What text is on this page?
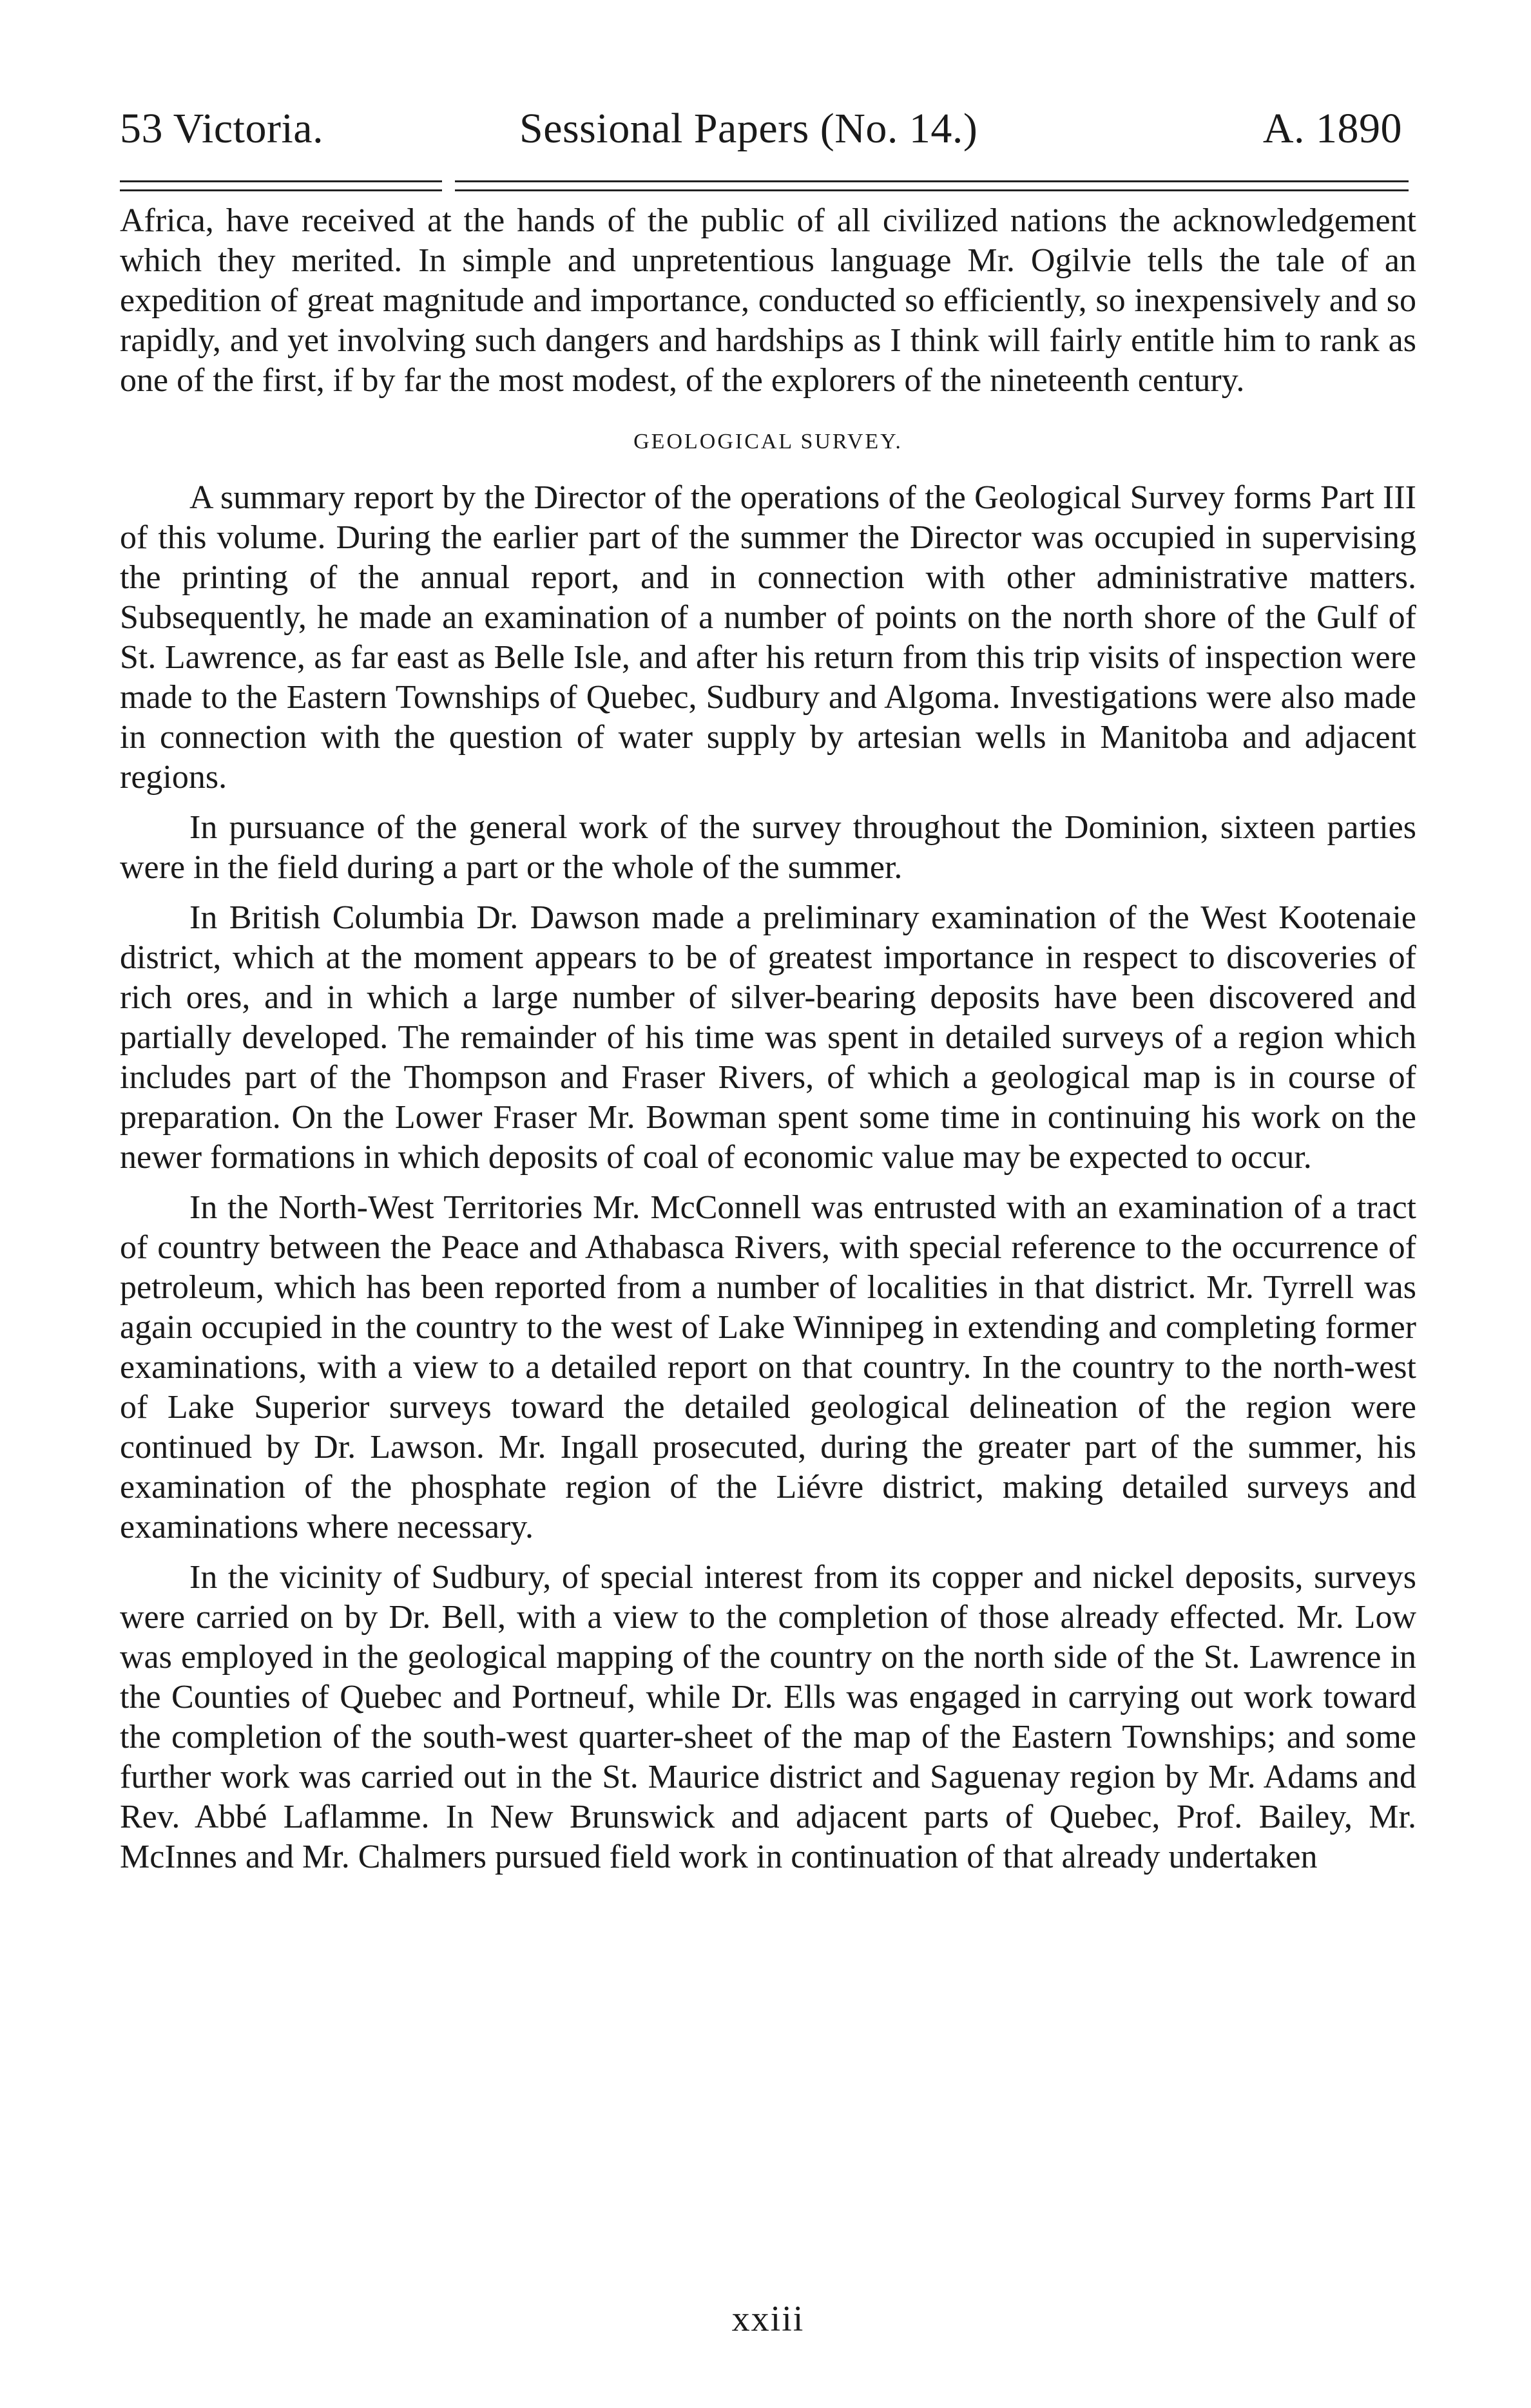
53 Victoria.	Sessional Papers (No. 14.)	A. 1890

Africa, have received at the hands of the public of all civilized nations the acknowledgement which they merited. In simple and unpretentious language Mr. Ogilvie tells the tale of an expedition of great magnitude and importance, conducted so efficiently, so inexpensively and so rapidly, and yet involving such dangers and hardships as I think will fairly entitle him to rank as one of the first, if by far the most modest, of the explorers of the nineteenth century.

GEOLOGICAL SURVEY.

A summary report by the Director of the operations of the Geological Survey forms Part III of this volume. During the earlier part of the summer the Director was occupied in supervising the printing of the annual report, and in connection with other administrative matters. Subsequently, he made an examination of a number of points on the north shore of the Gulf of St. Lawrence, as far east as Belle Isle, and after his return from this trip visits of inspection were made to the Eastern Townships of Quebec, Sudbury and Algoma. Investigations were also made in connection with the question of water supply by artesian wells in Manitoba and adjacent regions.

In pursuance of the general work of the survey throughout the Dominion, sixteen parties were in the field during a part or the whole of the summer.

In British Columbia Dr. Dawson made a preliminary examination of the West Kootenaie district, which at the moment appears to be of greatest importance in respect to discoveries of rich ores, and in which a large number of silver-bearing deposits have been discovered and partially developed. The remainder of his time was spent in detailed surveys of a region which includes part of the Thompson and Fraser Rivers, of which a geological map is in course of preparation. On the Lower Fraser Mr. Bowman spent some time in continuing his work on the newer formations in which deposits of coal of economic value may be expected to occur.

In the North-West Territories Mr. McConnell was entrusted with an examination of a tract of country between the Peace and Athabasca Rivers, with special reference to the occurrence of petroleum, which has been reported from a number of localities in that district. Mr. Tyrrell was again occupied in the country to the west of Lake Winnipeg in extending and completing former examinations, with a view to a detailed report on that country. In the country to the north-west of Lake Superior surveys toward the detailed geological delineation of the region were continued by Dr. Lawson. Mr. Ingall prosecuted, during the greater part of the summer, his examination of the phosphate region of the Liévre district, making detailed surveys and examinations where necessary.

In the vicinity of Sudbury, of special interest from its copper and nickel deposits, surveys were carried on by Dr. Bell, with a view to the completion of those already effected. Mr. Low was employed in the geological mapping of the country on the north side of the St. Lawrence in the Counties of Quebec and Portneuf, while Dr. Ells was engaged in carrying out work toward the completion of the south-west quarter-sheet of the map of the Eastern Townships; and some further work was carried out in the St. Maurice district and Saguenay region by Mr. Adams and Rev. Abbé Laflamme. In New Brunswick and adjacent parts of Quebec, Prof. Bailey, Mr. McInnes and Mr. Chalmers pursued field work in continuation of that already undertaken

xxiii
